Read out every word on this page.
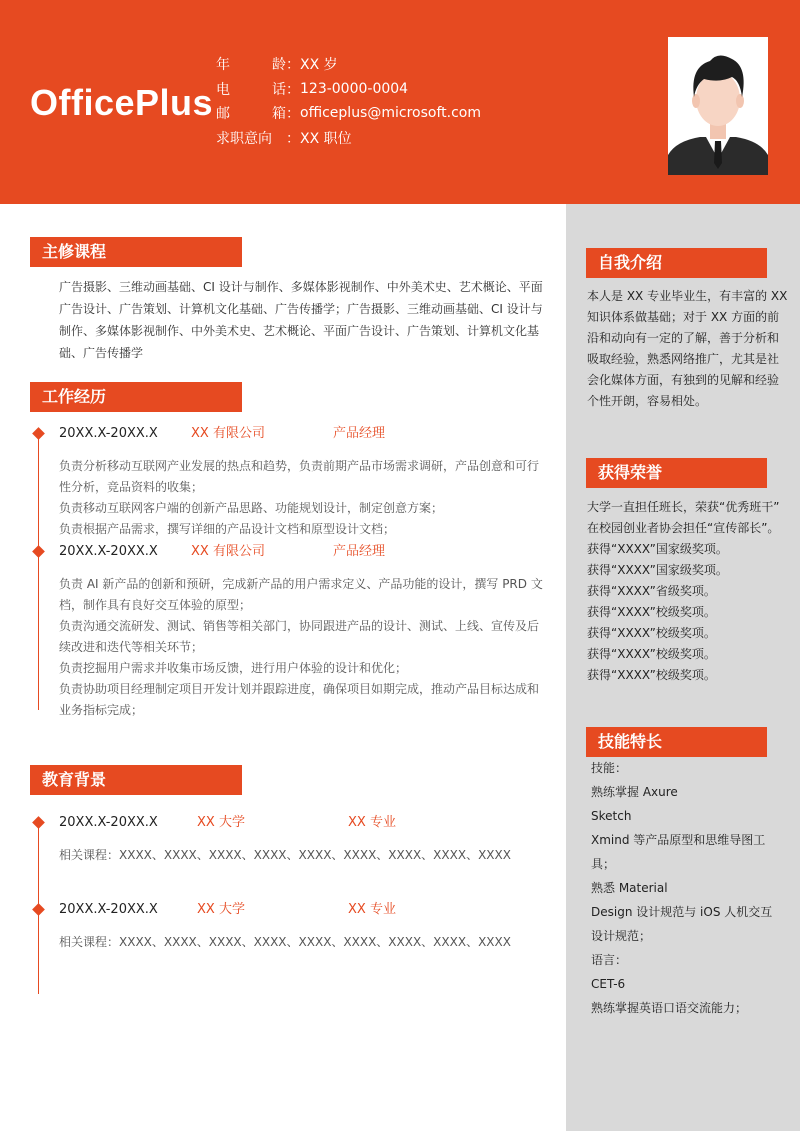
OfficePlus
年	龄 ： XX 岁
电	话 ： 123-0000-0004
邮	箱 ： officeplus@microsoft.com
求职意向 ： XX 职位
主修课程
广告摄影、三维动画基础、CI 设计与制作、多媒体影视制作、中外美术史、艺术概论、平面
广告设计、广告策划、计算机文化基础、广告传播学；广告摄影、三维动画基础、CI 设计与
制作、多媒体影视制作、中外美术史、艺术概论、平面广告设计、广告策划、计算机文化基
础、广告传播学
工作经历
20XX.X-20XX.X	XX 有限公司	产品经理
负责分析移动互联网产业发展的热点和趋势，负责前期产品市场需求调研，产品创意和可行
性分析，竞品资料的收集；
负责移动互联网客户端的创新产品思路、功能规划设计，制定创意方案；
负责根据产品需求，撰写详细的产品设计文档和原型设计文档；
20XX.X-20XX.X	XX 有限公司	产品经理
负责 AI 新产品的创新和预研，完成新产品的用户需求定义、产品功能的设计，撰写 PRD 文
档，制作具有良好交互体验的原型；
负责沟通交流研发、测试、销售等相关部门，协同跟进产品的设计、测试、上线、宣传及后
续改进和迭代等相关环节；
负责挖掘用户需求并收集市场反馈，进行用户体验的设计和优化；
负责协助项目经理制定项目开发计划并跟踪进度，确保项目如期完成，推动产品目标达成和
业务指标完成；
教育背景
20XX.X-20XX.X	XX 大学	XX 专业
相关课程：XXXX、XXXX、XXXX、XXXX、XXXX、XXXX、XXXX、XXXX、XXXX
20XX.X-20XX.X	XX 大学	XX 专业
相关课程：XXXX、XXXX、XXXX、XXXX、XXXX、XXXX、XXXX、XXXX、XXXX
自我介绍
本人是 XX 专业毕业生，有丰富的 XX
知识体系做基础；对于 XX 方面的前
沿和动向有一定的了解，善于分析和
吸取经验，熟悉网络推广，尤其是社
会化媒体方面，有独到的见解和经验
个性开朗，容易相处。
获得荣誉
大学一直担任班长，荣获“优秀班干”
在校园创业者协会担任“宣传部长”。
获得“XXXX”国家级奖项。
获得“XXXX”国家级奖项。
获得“XXXX”省级奖项。
获得“XXXX”校级奖项。
获得“XXXX”校级奖项。
获得“XXXX”校级奖项。
获得“XXXX”校级奖项。
技能特长
技能：
熟练掌握 Axure
Sketch
Xmind 等产品原型和思维导图工
具；
熟悉 Material
Design 设计规范与 iOS 人机交互
设计规范；
语言：
CET-6
熟练掌握英语口语交流能力；
